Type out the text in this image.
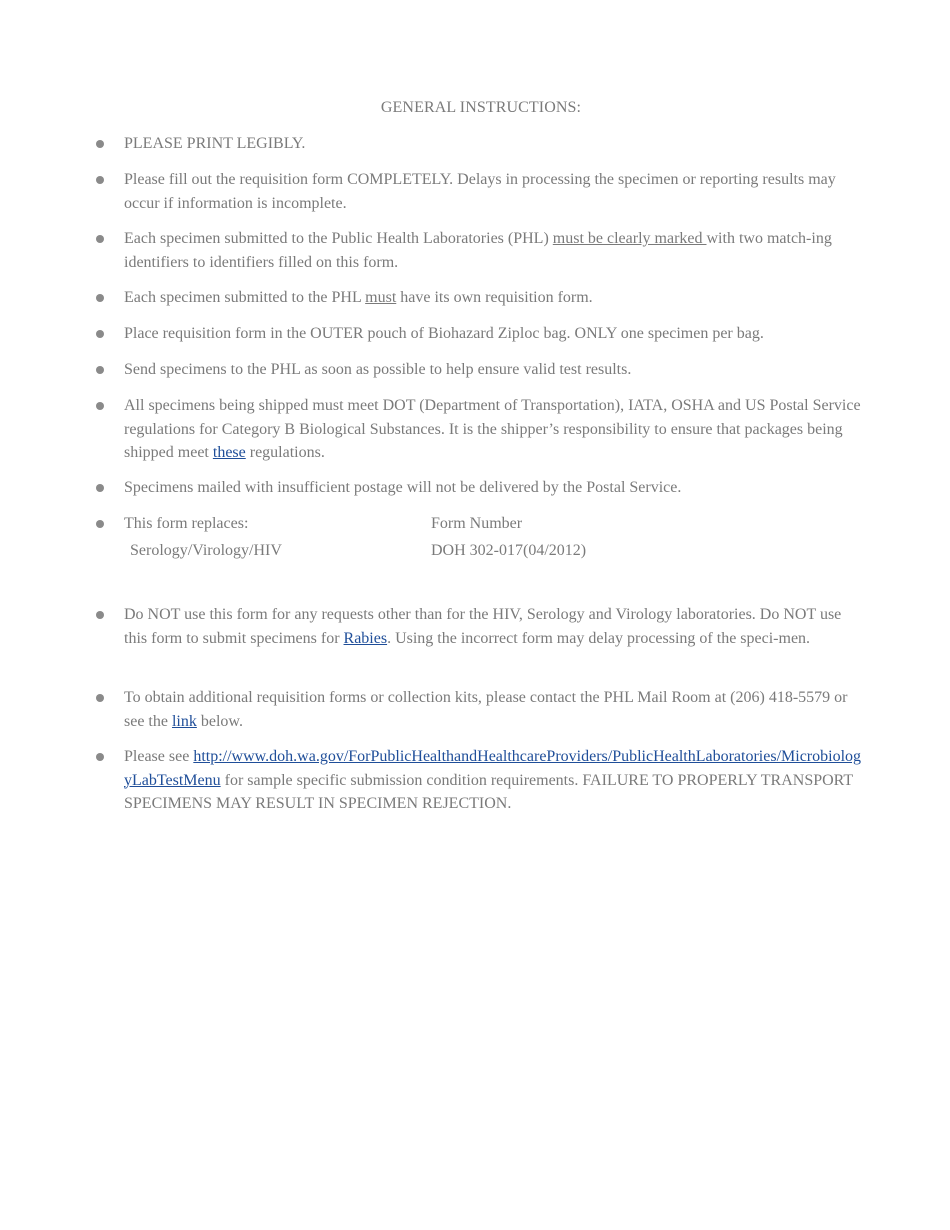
GENERAL INSTRUCTIONS:
PLEASE PRINT LEGIBLY.
Please fill out the requisition form COMPLETELY. Delays in processing the specimen or reporting results may occur if information is incomplete.
Each specimen submitted to the Public Health Laboratories (PHL) must be clearly marked with two match-ing identifiers to identifiers filled on this form.
Each specimen submitted to the PHL must have its own requisition form.
Place requisition form in the OUTER pouch of Biohazard Ziploc bag. ONLY one specimen per bag.
Send specimens to the PHL as soon as possible to help ensure valid test results.
All specimens being shipped must meet DOT (Department of Transportation), IATA, OSHA and US Postal Service regulations for Category B Biological Substances. It is the shipper’s responsibility to ensure that packages being shipped meet these regulations.
Specimens mailed with insufficient postage will not be delivered by the Postal Service.
This form replaces:	Form Number
Serology/Virology/HIV	DOH 302-017(04/2012)
Do NOT use this form for any requests other than for the HIV, Serology and Virology laboratories. Do NOT use this form to submit specimens for Rabies. Using the incorrect form may delay processing of the speci-men.
To obtain additional requisition forms or collection kits, please contact the PHL Mail Room at (206) 418-5579 or see the link below.
Please see http://www.doh.wa.gov/ForPublicHealthandHealthcareProviders/PublicHealthLaboratories/MicrobiologyLabTestMenu for sample specific submission condition requirements. FAILURE TO PROPERLY TRANSPORT SPECIMENS MAY RESULT IN SPECIMEN REJECTION.
